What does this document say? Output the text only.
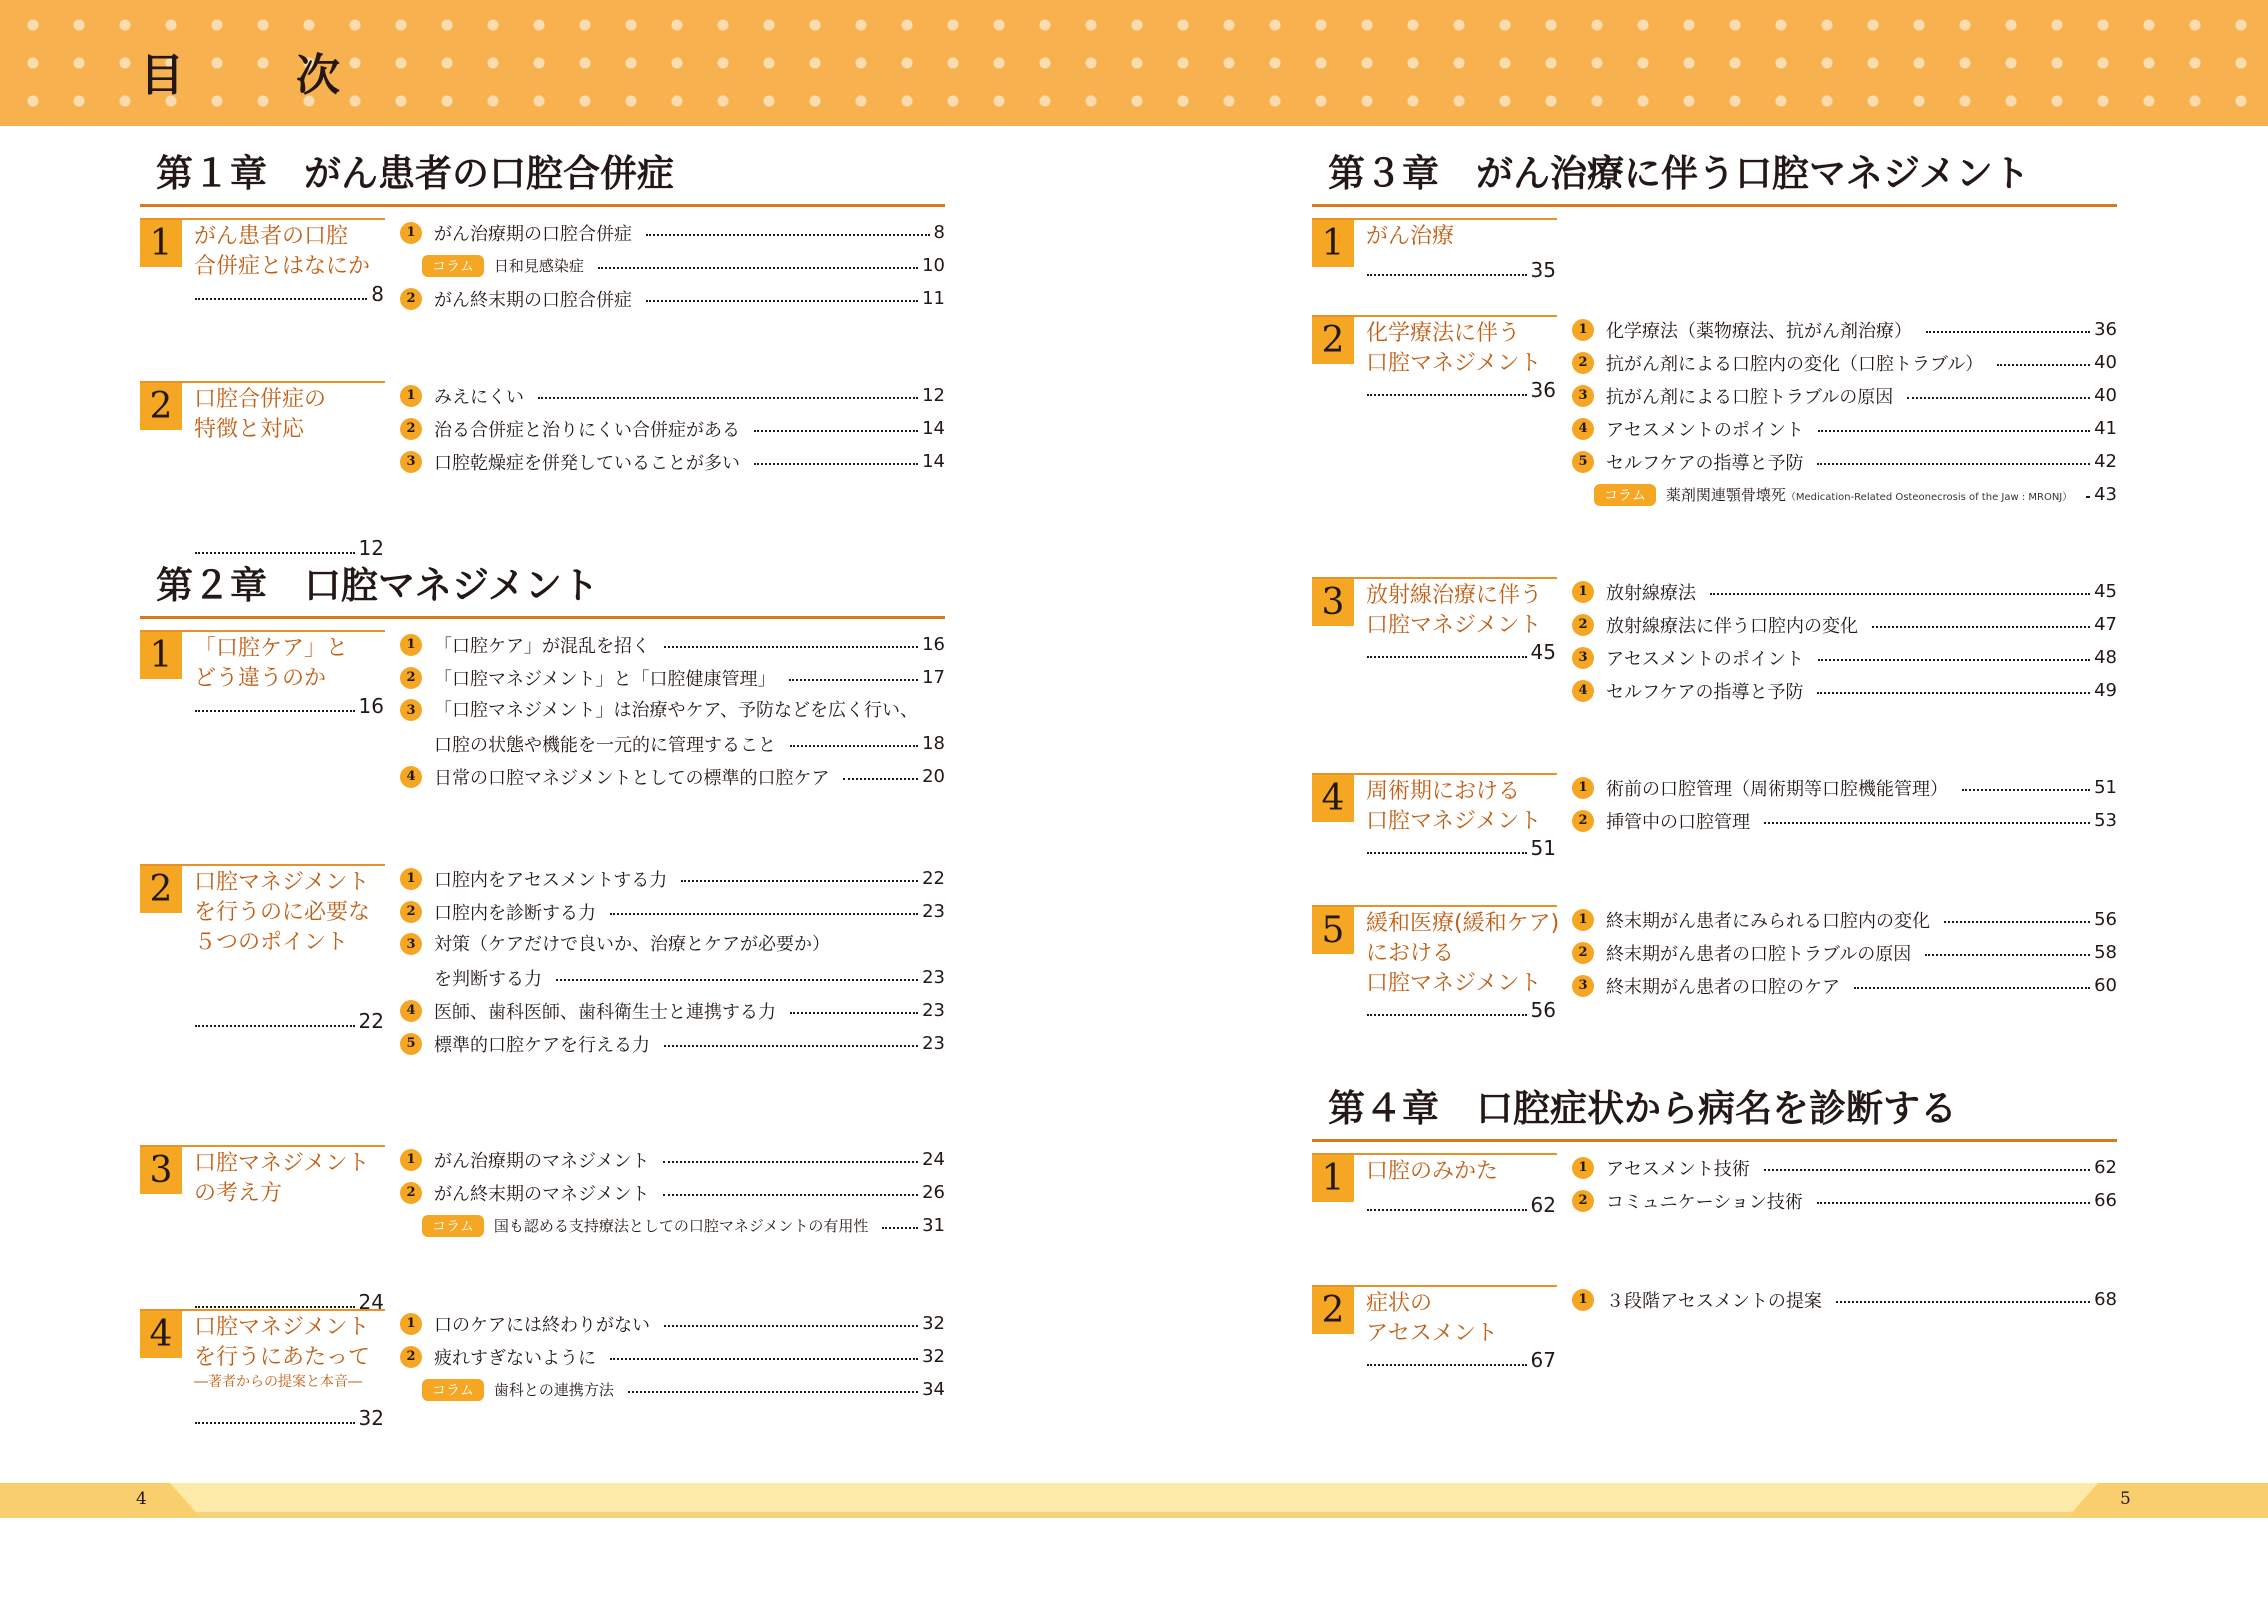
目　次
第１章　がん患者の口腔合併症
1 がん患者の口腔
合併症とはなにか
8
1	がん治療期の口腔合併症	8
コラム	日和見感染症	10
2	がん終末期の口腔合併症	11
2 口腔合併症の
特徴と対応
12
1	みえにくい	12
2	治る合併症と治りにくい合併症がある	14
3	口腔乾燥症を併発していることが多い	14
第２章　口腔マネジメント
1 「口腔ケア」と
どう違うのか
16
1	「口腔ケア」が混乱を招く	16
2	「口腔マネジメント」と「口腔健康管理」	17
3	「口腔マネジメント」は治療やケア、予防などを広く行い、
口腔の状態や機能を一元的に管理すること	18
4	日常の口腔マネジメントとしての標準的口腔ケア	20
2 口腔マネジメント
を行うのに必要な
５つのポイント
22
1	口腔内をアセスメントする力	22
2	口腔内を診断する力	23
3	対策（ケアだけで良いか、治療とケアが必要か）
を判断する力	23
4	医師、歯科医師、歯科衛生士と連携する力	23
5	標準的口腔ケアを行える力	23
3 口腔マネジメント
の考え方
24
1	がん治療期のマネジメント	24
2	がん終末期のマネジメント	26
コラム	国も認める支持療法としての口腔マネジメントの有用性	31
4 口腔マネジメント
を行うにあたって
―著者からの提案と本音―
32
1	口のケアには終わりがない	32
2	疲れすぎないように	32
コラム	歯科との連携方法	34
第３章　がん治療に伴う口腔マネジメント
1 がん治療
35
2 化学療法に伴う
口腔マネジメント
36
1	化学療法（薬物療法、抗がん剤治療）	36
2	抗がん剤による口腔内の変化（口腔トラブル）	40
3	抗がん剤による口腔トラブルの原因	40
4	アセスメントのポイント	41
5	セルフケアの指導と予防	42
コラム	薬剤関連顎骨壊死（Medication-Related Osteonecrosis of the Jaw : MRONJ） 43
3 放射線治療に伴う
口腔マネジメント
45
1	放射線療法	45
2	放射線療法に伴う口腔内の変化	47
3	アセスメントのポイント	48
4	セルフケアの指導と予防	49
4 周術期における
口腔マネジメント
51
1	術前の口腔管理（周術期等口腔機能管理）	51
2	挿管中の口腔管理	53
5 緩和医療(緩和ケア)
における
口腔マネジメント
56
1	終末期がん患者にみられる口腔内の変化	56
2	終末期がん患者の口腔トラブルの原因	58
3	終末期がん患者の口腔のケア	60
第４章　口腔症状から病名を診断する
1 口腔のみかた
62
1	アセスメント技術	62
2	コミュニケーション技術	66
2 症状の
アセスメント
67
1	３段階アセスメントの提案	68
4	5
